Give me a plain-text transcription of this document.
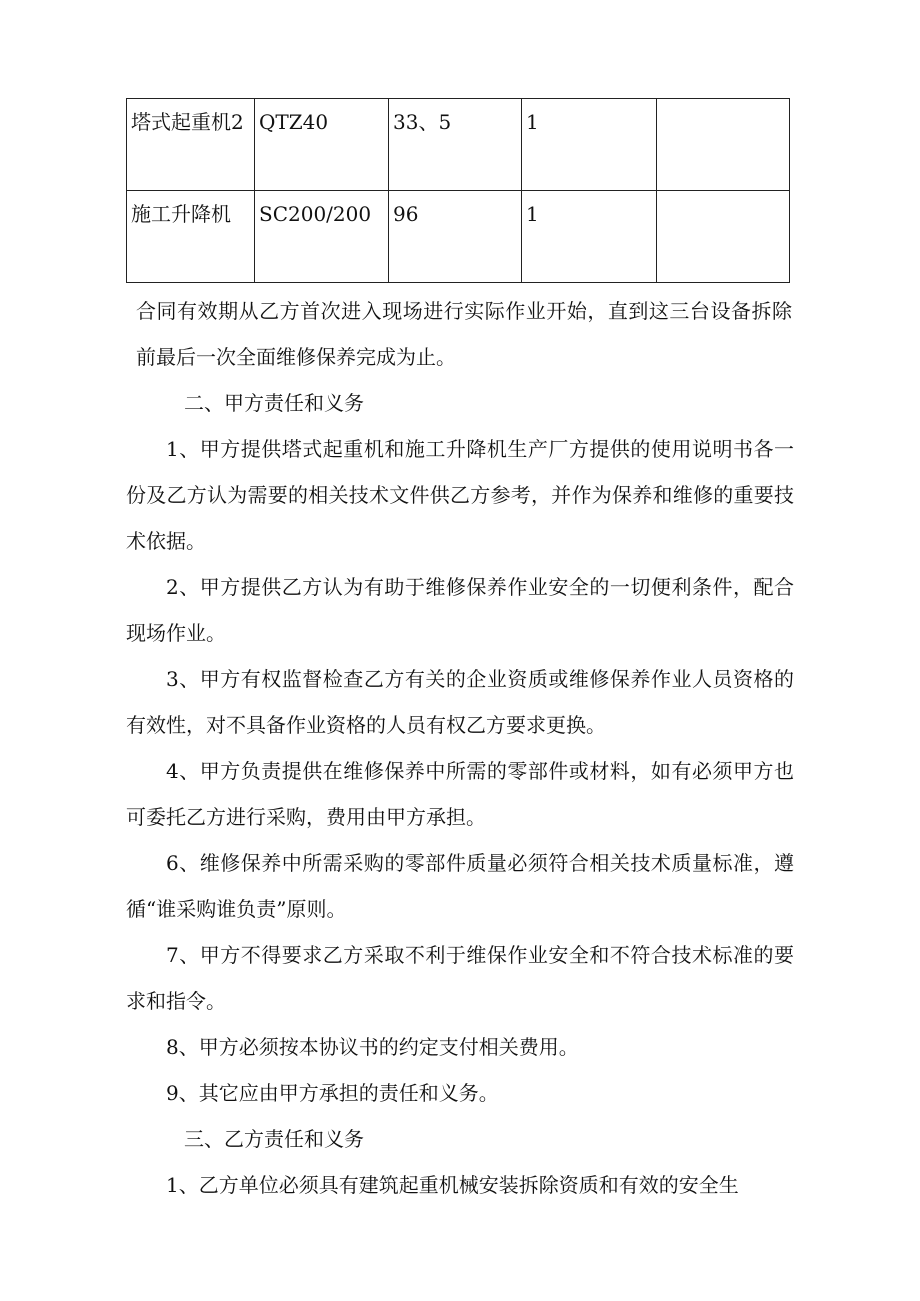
塔式起重机2	QTZ40	33、5	1	
施工升降机	SC200/200	96	1	

合同有效期从乙方首次进入现场进行实际作业开始，直到这三台设备拆除前最后一次全面维修保养完成为止。

二、甲方责任和义务

1、甲方提供塔式起重机和施工升降机生产厂方提供的使用说明书各一份及乙方认为需要的相关技术文件供乙方参考，并作为保养和维修的重要技术依据。

2、甲方提供乙方认为有助于维修保养作业安全的一切便利条件，配合现场作业。

3、甲方有权监督检查乙方有关的企业资质或维修保养作业人员资格的有效性，对不具备作业资格的人员有权乙方要求更换。

4、甲方负责提供在维修保养中所需的零部件或材料，如有必须甲方也可委托乙方进行采购，费用由甲方承担。

6、维修保养中所需采购的零部件质量必须符合相关技术质量标准，遵循“谁采购谁负责”原则。

7、甲方不得要求乙方采取不利于维保作业安全和不符合技术标准的要求和指令。

8、甲方必须按本协议书的约定支付相关费用。

9、其它应由甲方承担的责任和义务。

三、乙方责任和义务

1、乙方单位必须具有建筑起重机械安装拆除资质和有效的安全生
